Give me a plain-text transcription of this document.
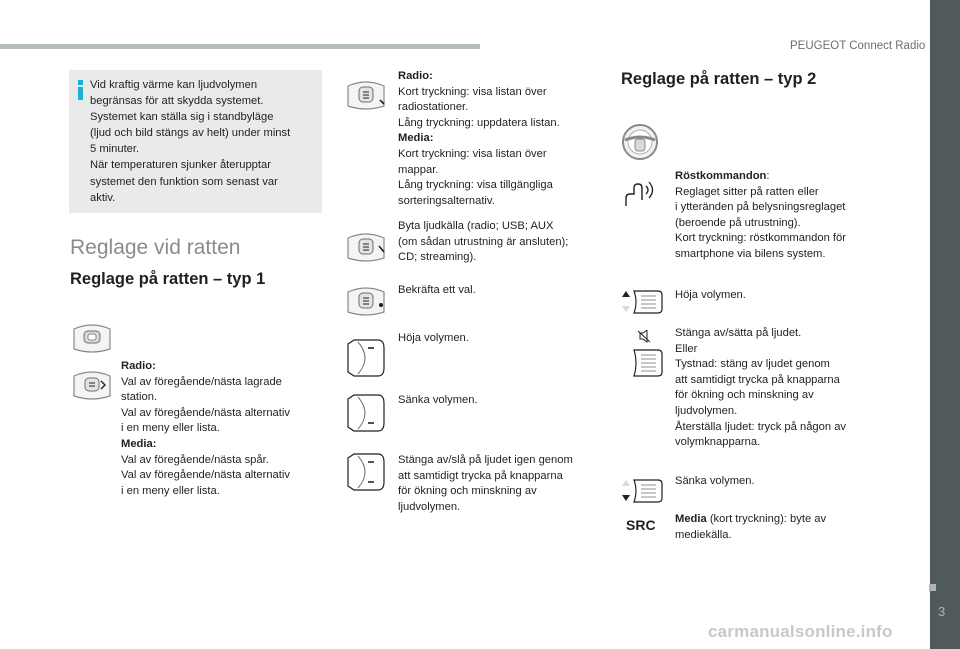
PEUGEOT Connect Radio
3
carmanualsonline.info
Vid kraftig värme kan ljudvolymen
begränsas för att skydda systemet.
Systemet kan ställa sig i standbyläge
(ljud och bild stängs av helt) under minst
5 minuter.
När temperaturen sjunker återupptar
systemet den funktion som senast var
aktiv.
Reglage vid ratten
Reglage på ratten – typ 1
Radio:
Val av föregående/nästa lagrade
station.
Val av föregående/nästa alternativ
i en meny eller lista.
Media:
Val av föregående/nästa spår.
Val av föregående/nästa alternativ
i en meny eller lista.
Radio:
Kort tryckning: visa listan över
radiostationer.
Lång tryckning: uppdatera listan.
Media:
Kort tryckning: visa listan över
mappar.
Lång tryckning: visa tillgängliga
sorteringsalternativ.
Byta ljudkälla (radio; USB; AUX
(om sådan utrustning är ansluten);
CD; streaming).
Bekräfta ett val.
Höja volymen.
Sänka volymen.
Stänga av/slå på ljudet igen genom
att samtidigt trycka på knapparna
för ökning och minskning av
ljudvolymen.
Reglage på ratten – typ 2
Röstkommandon:
Reglaget sitter på ratten eller
i ytteränden på belysningsreglaget
(beroende på utrustning).
Kort tryckning: röstkommandon för
smartphone via bilens system.
Höja volymen.
Stänga av/sätta på ljudet.
Eller
Tystnad: stäng av ljudet genom
att samtidigt trycka på knapparna
för ökning och minskning av
ljudvolymen.
Återställa ljudet: tryck på någon av
volymknapparna.
Sänka volymen.
SRC Media (kort tryckning): byte av
mediekälla.
